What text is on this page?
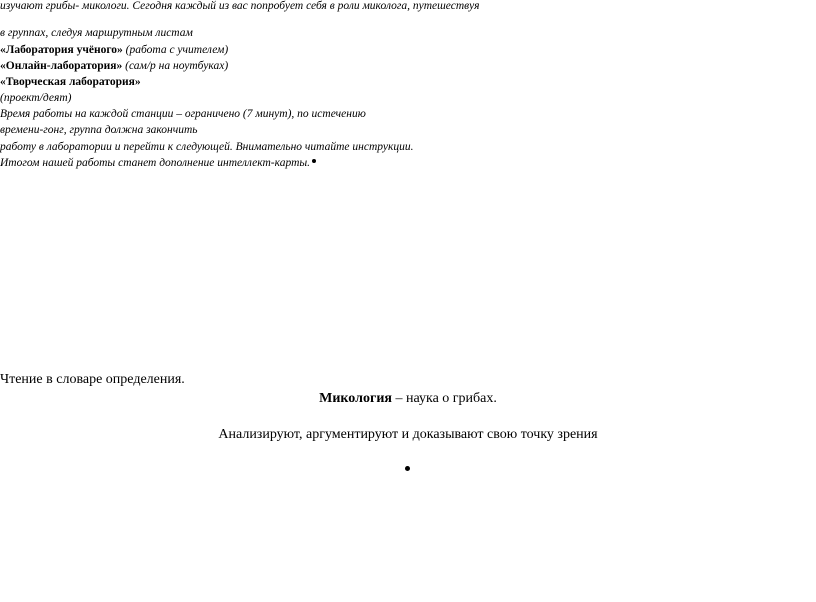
изучают грибы- микологи. Сегодня каждый из вас попробует себя в роли миколога, путешествуя
в группах, следуя маршрутным листам
«Лаборатория учёного» (работа с учителем)
«Онлайн-лаборатория» (сам/р на ноутбуках)
«Творческая лаборатория»
(проект/деят)
Время работы на каждой станции – ограничено (7 минут), по истечению
времени-гонг, группа должна закончить
работу в лаборатории и перейти к следующей. Внимательно читайте инструкции.
Итогом нашей работы станет дополнение интеллект-карты.
Чтение в словаре определения.
Микология – наука о грибах.
Анализируют, аргументируют и доказывают свою точку зрения
